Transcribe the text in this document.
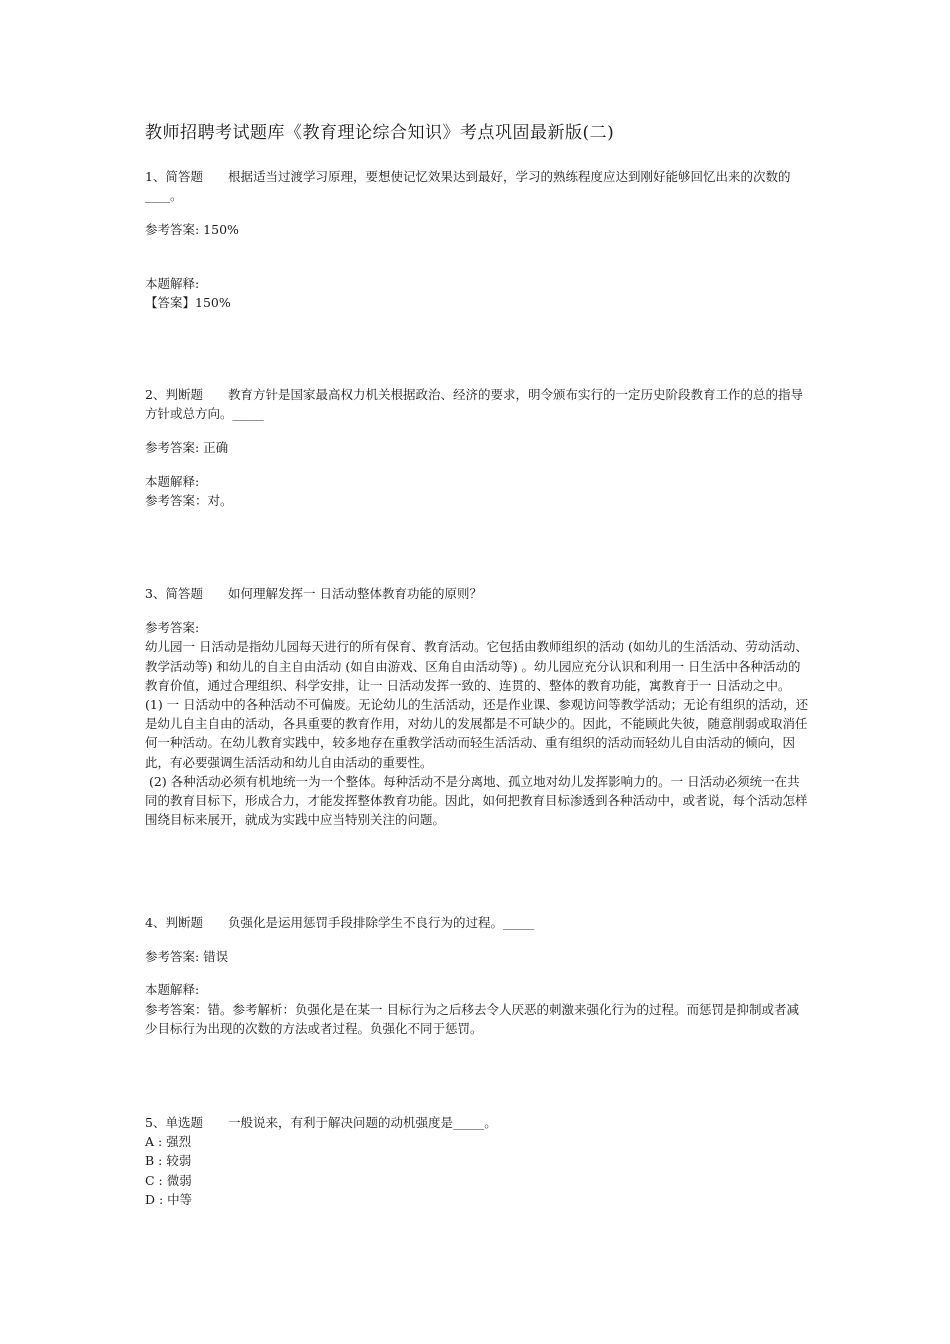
教师招聘考试题库《教育理论综合知识》考点巩固最新版(二)

1、简答题　　根据适当过渡学习原理，要想使记忆效果达到最好，学习的熟练程度应达到刚好能够回忆出来的次数的____。

参考答案: 150%

本题解释:

【答案】150%

2、判断题　　教育方针是国家最高权力机关根据政治、经济的要求，明令颁布实行的一定历史阶段教育工作的总的指导方针或总方向。_____

参考答案: 正确

本题解释:

参考答案：对。

3、简答题　　如何理解发挥一 日活动整体教育功能的原则？

参考答案:

幼儿园一 日活动是指幼儿园每天进行的所有保育、教育活动。它包括由教师组织的活动 (如幼儿的生活活动、劳动活动、教学活动等) 和幼儿的自主自由活动 (如自由游戏、区角自由活动等) 。幼儿园应充分认识和利用一 日生活中各种活动的教育价值，通过合理组织、科学安排，让一 日活动发挥一致的、连贯的、整体的教育功能，寓教育于一 日活动之中。

(1) 一 日活动中的各种活动不可偏废。无论幼儿的生活活动，还是作业课、参观访问等教学活动；无论有组织的活动，还是幼儿自主自由的活动，各具重要的教育作用，对幼儿的发展都是不可缺少的。因此，不能顾此失彼，随意削弱或取消任何一种活动。在幼儿教育实践中，较多地存在重教学活动而轻生活活动、重有组织的活动而轻幼儿自由活动的倾向，因此，有必要强调生活活动和幼儿自由活动的重要性。

(2) 各种活动必须有机地统一为一个整体。每种活动不是分离地、孤立地对幼儿发挥影响力的。一 日活动必须统一在共同的教育目标下，形成合力，才能发挥整体教育功能。因此，如何把教育目标渗透到各种活动中，或者说，每个活动怎样围绕目标来展开，就成为实践中应当特别关注的问题。

4、判断题　　负强化是运用惩罚手段排除学生不良行为的过程。_____

参考答案: 错误

本题解释:

参考答案：错。参考解析：负强化是在某一 目标行为之后移去令人厌恶的刺激来强化行为的过程。而惩罚是抑制或者减少目标行为出现的次数的方法或者过程。负强化不同于惩罚。

5、单选题　　一般说来，有利于解决问题的动机强度是_____。

A : 强烈

B : 较弱

C : 微弱

D : 中等
